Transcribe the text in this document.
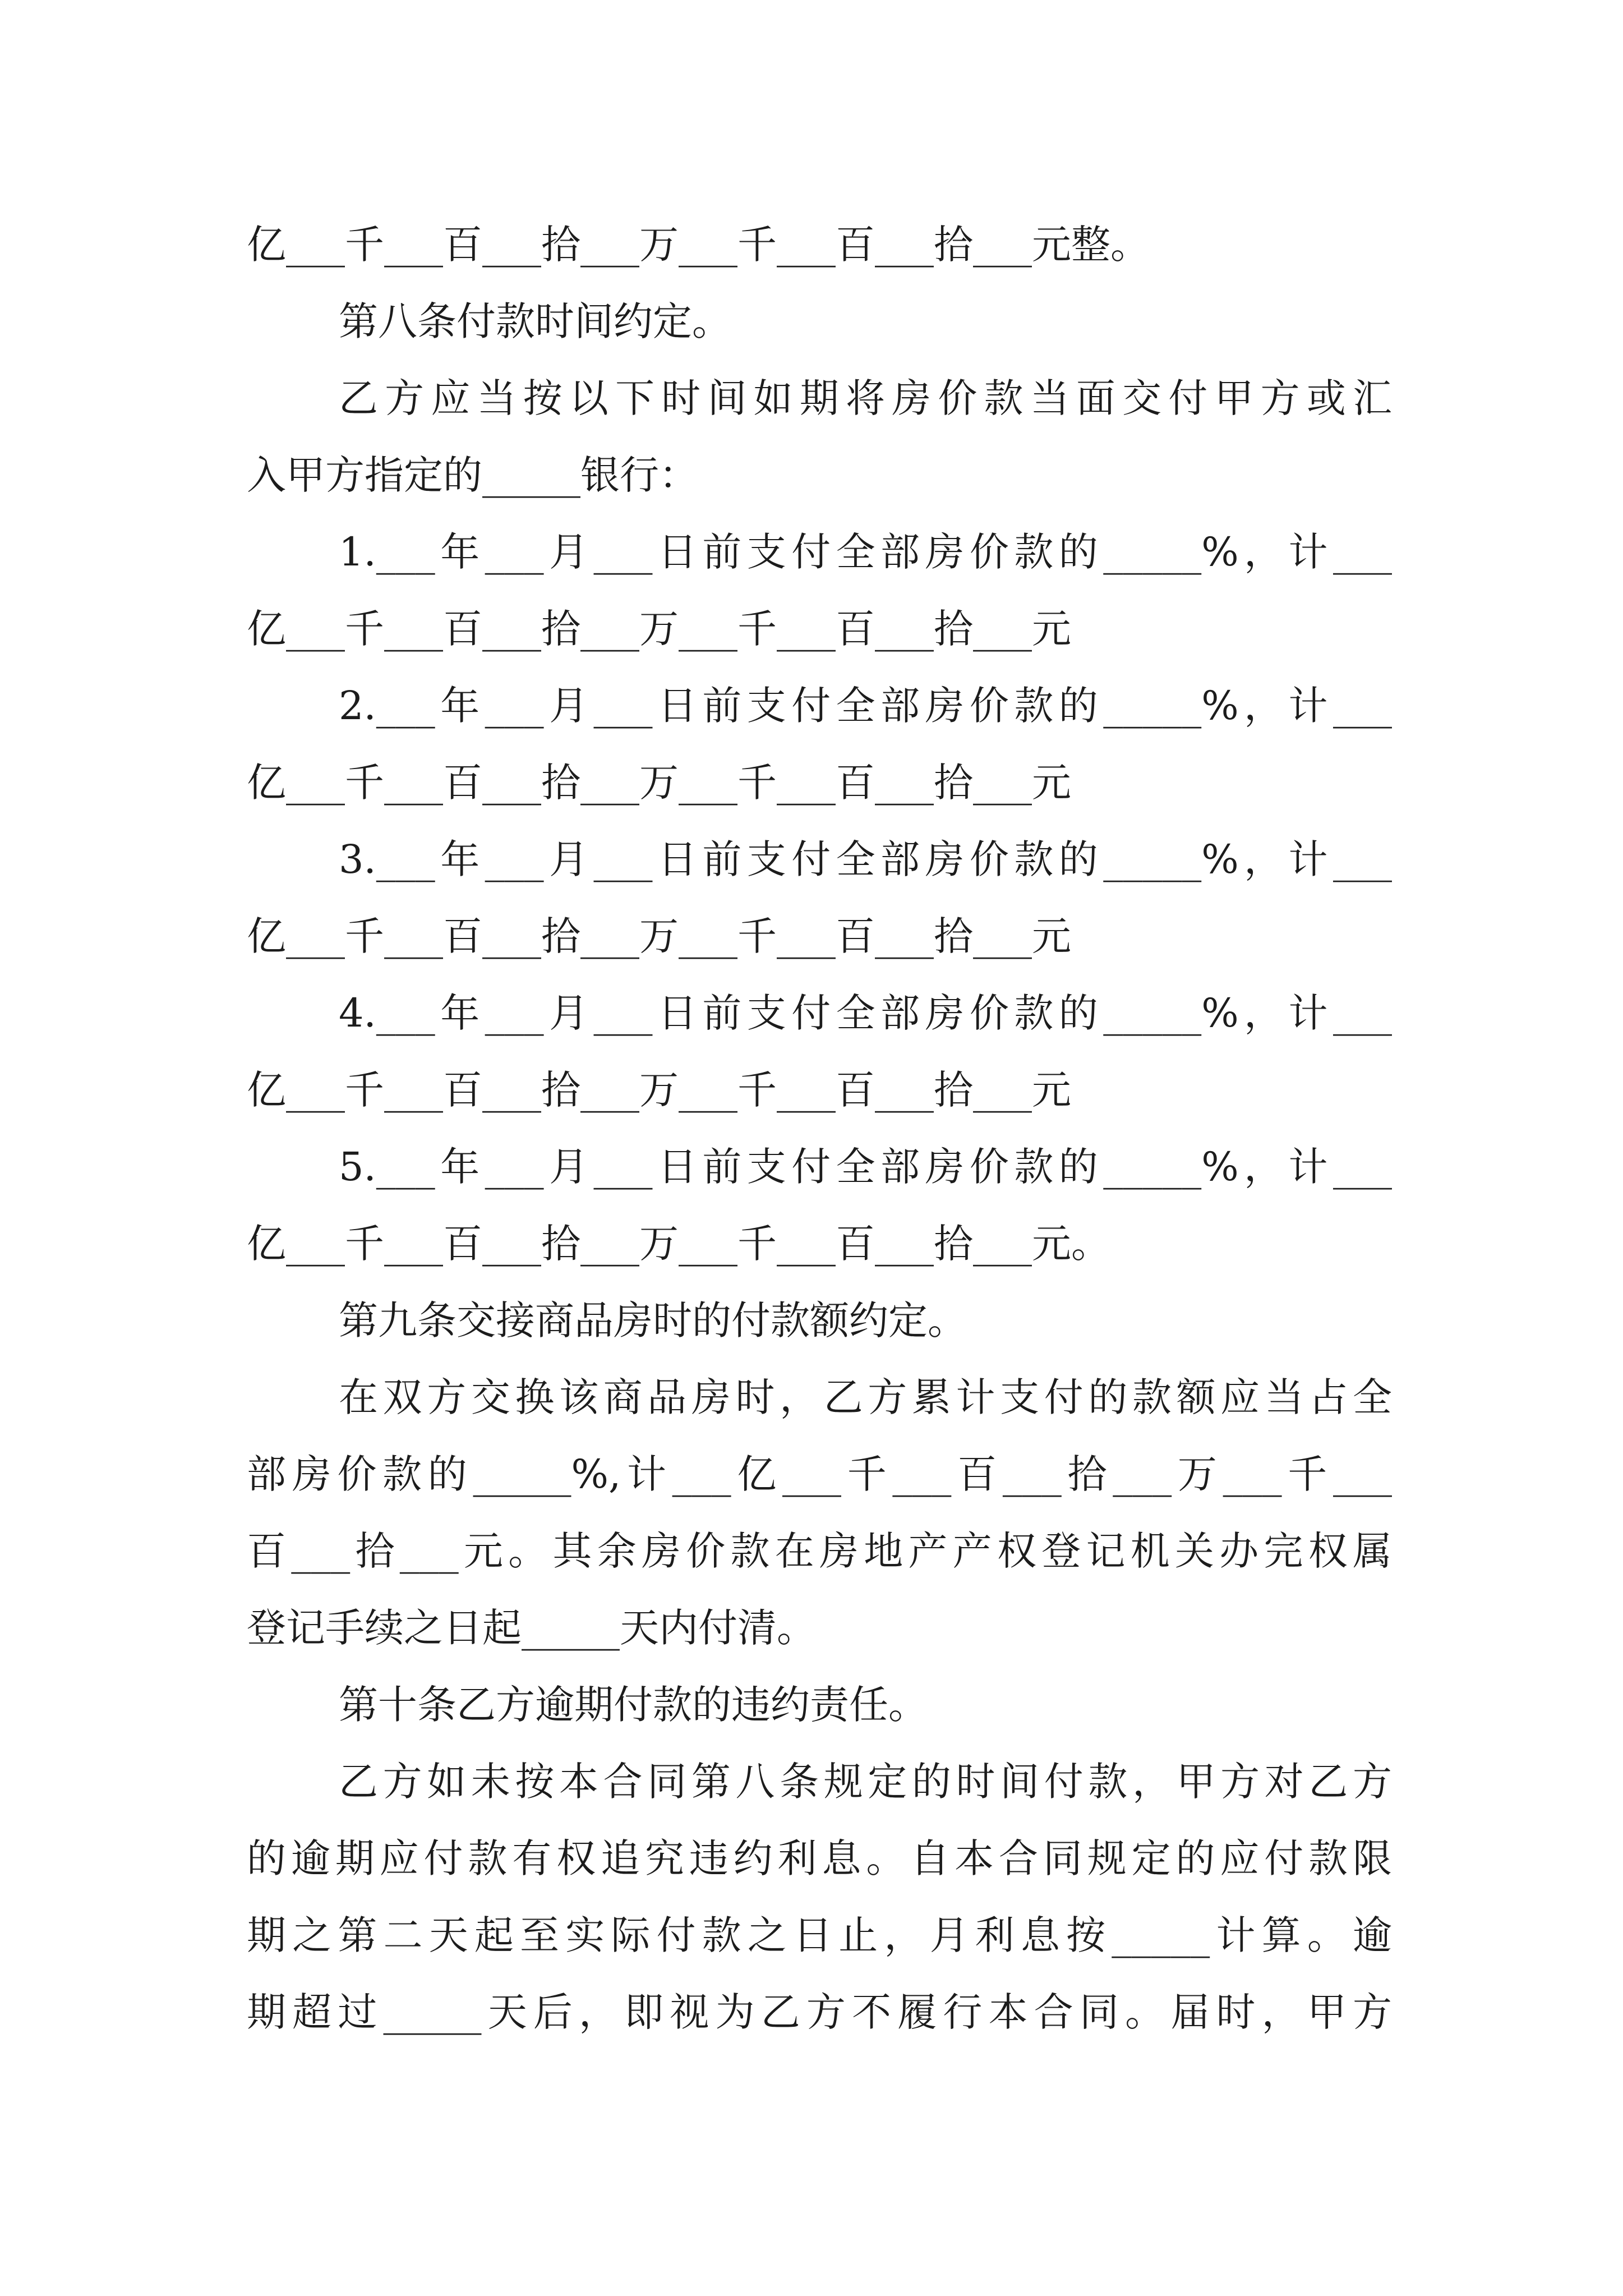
亿___千___百___拾___万___千___百___拾___元整。
第八条付款时间约定。
乙方应当按以下时间如期将房价款当面交付甲方或汇
入甲方指定的_____银行：
1.___年___月___日前支付全部房价款的_____%，计___
亿___千___百___拾___万___千___百___拾___元
2.___年___月___日前支付全部房价款的_____%，计___
亿___千___百___拾___万___千___百___拾___元
3.___年___月___日前支付全部房价款的_____%，计___
亿___千___百___拾___万___千___百___拾___元
4.___年___月___日前支付全部房价款的_____%，计___
亿___千___百___拾___万___千___百___拾___元
5.___年___月___日前支付全部房价款的_____%，计___
亿___千___百___拾___万___千___百___拾___元。
第九条交接商品房时的付款额约定。
在双方交换该商品房时，乙方累计支付的款额应当占全
部房价款的_____%,计___亿___千___百___拾___万___千___
百___拾___元。其余房价款在房地产产权登记机关办完权属
登记手续之日起_____天内付清。
第十条乙方逾期付款的违约责任。
乙方如未按本合同第八条规定的时间付款，甲方对乙方
的逾期应付款有权追究违约利息。自本合同规定的应付款限
期之第二天起至实际付款之日止，月利息按_____计算。逾
期超过_____天后，即视为乙方不履行本合同。届时，甲方
